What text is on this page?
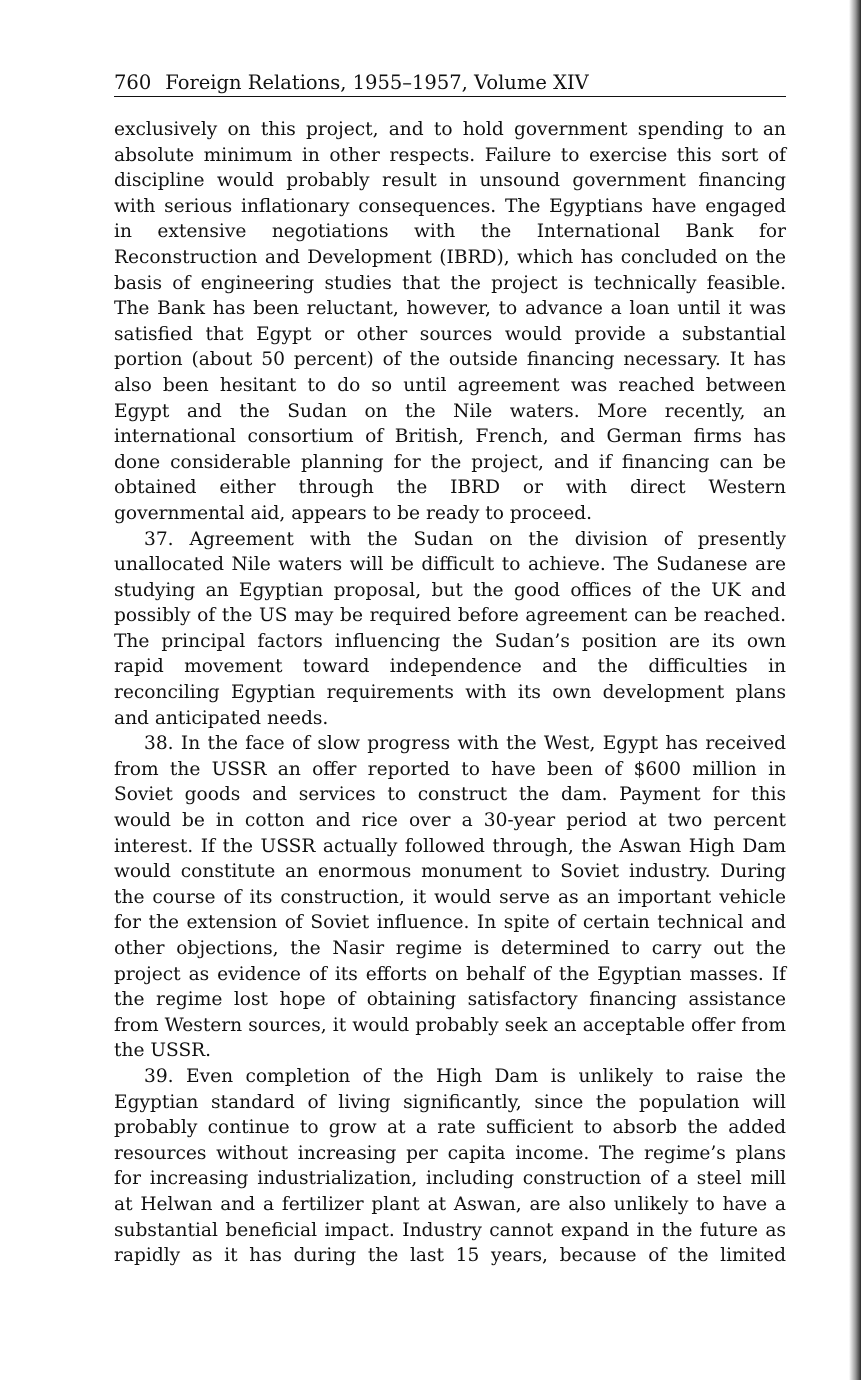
760 Foreign Relations, 1955–1957, Volume XIV

exclusively on this project, and to hold government spending to an absolute minimum in other respects. Failure to exercise this sort of discipline would probably result in unsound government financing with serious inflationary consequences. The Egyptians have engaged in extensive negotiations with the International Bank for Reconstruction and Development (IBRD), which has concluded on the basis of engineering studies that the project is technically feasible. The Bank has been reluctant, however, to advance a loan until it was satisfied that Egypt or other sources would provide a substantial portion (about 50 percent) of the outside financing necessary. It has also been hesitant to do so until agreement was reached between Egypt and the Sudan on the Nile waters. More recently, an international consortium of British, French, and German firms has done considerable planning for the project, and if financing can be obtained either through the IBRD or with direct Western governmental aid, appears to be ready to proceed.

37. Agreement with the Sudan on the division of presently unallocated Nile waters will be difficult to achieve. The Sudanese are studying an Egyptian proposal, but the good offices of the UK and possibly of the US may be required before agreement can be reached. The principal factors influencing the Sudan’s position are its own rapid movement toward independence and the difficulties in reconciling Egyptian requirements with its own development plans and anticipated needs.

38. In the face of slow progress with the West, Egypt has received from the USSR an offer reported to have been of $600 million in Soviet goods and services to construct the dam. Payment for this would be in cotton and rice over a 30-year period at two percent interest. If the USSR actually followed through, the Aswan High Dam would constitute an enormous monument to Soviet industry. During the course of its construction, it would serve as an important vehicle for the extension of Soviet influence. In spite of certain technical and other objections, the Nasir regime is determined to carry out the project as evidence of its efforts on behalf of the Egyptian masses. If the regime lost hope of obtaining satisfactory financing assistance from Western sources, it would probably seek an acceptable offer from the USSR.

39. Even completion of the High Dam is unlikely to raise the Egyptian standard of living significantly, since the population will probably continue to grow at a rate sufficient to absorb the added resources without increasing per capita income. The regime’s plans for increasing industrialization, including construction of a steel mill at Helwan and a fertilizer plant at Aswan, are also unlikely to have a substantial beneficial impact. Industry cannot expand in the future as rapidly as it has during the last 15 years, because of the limited
